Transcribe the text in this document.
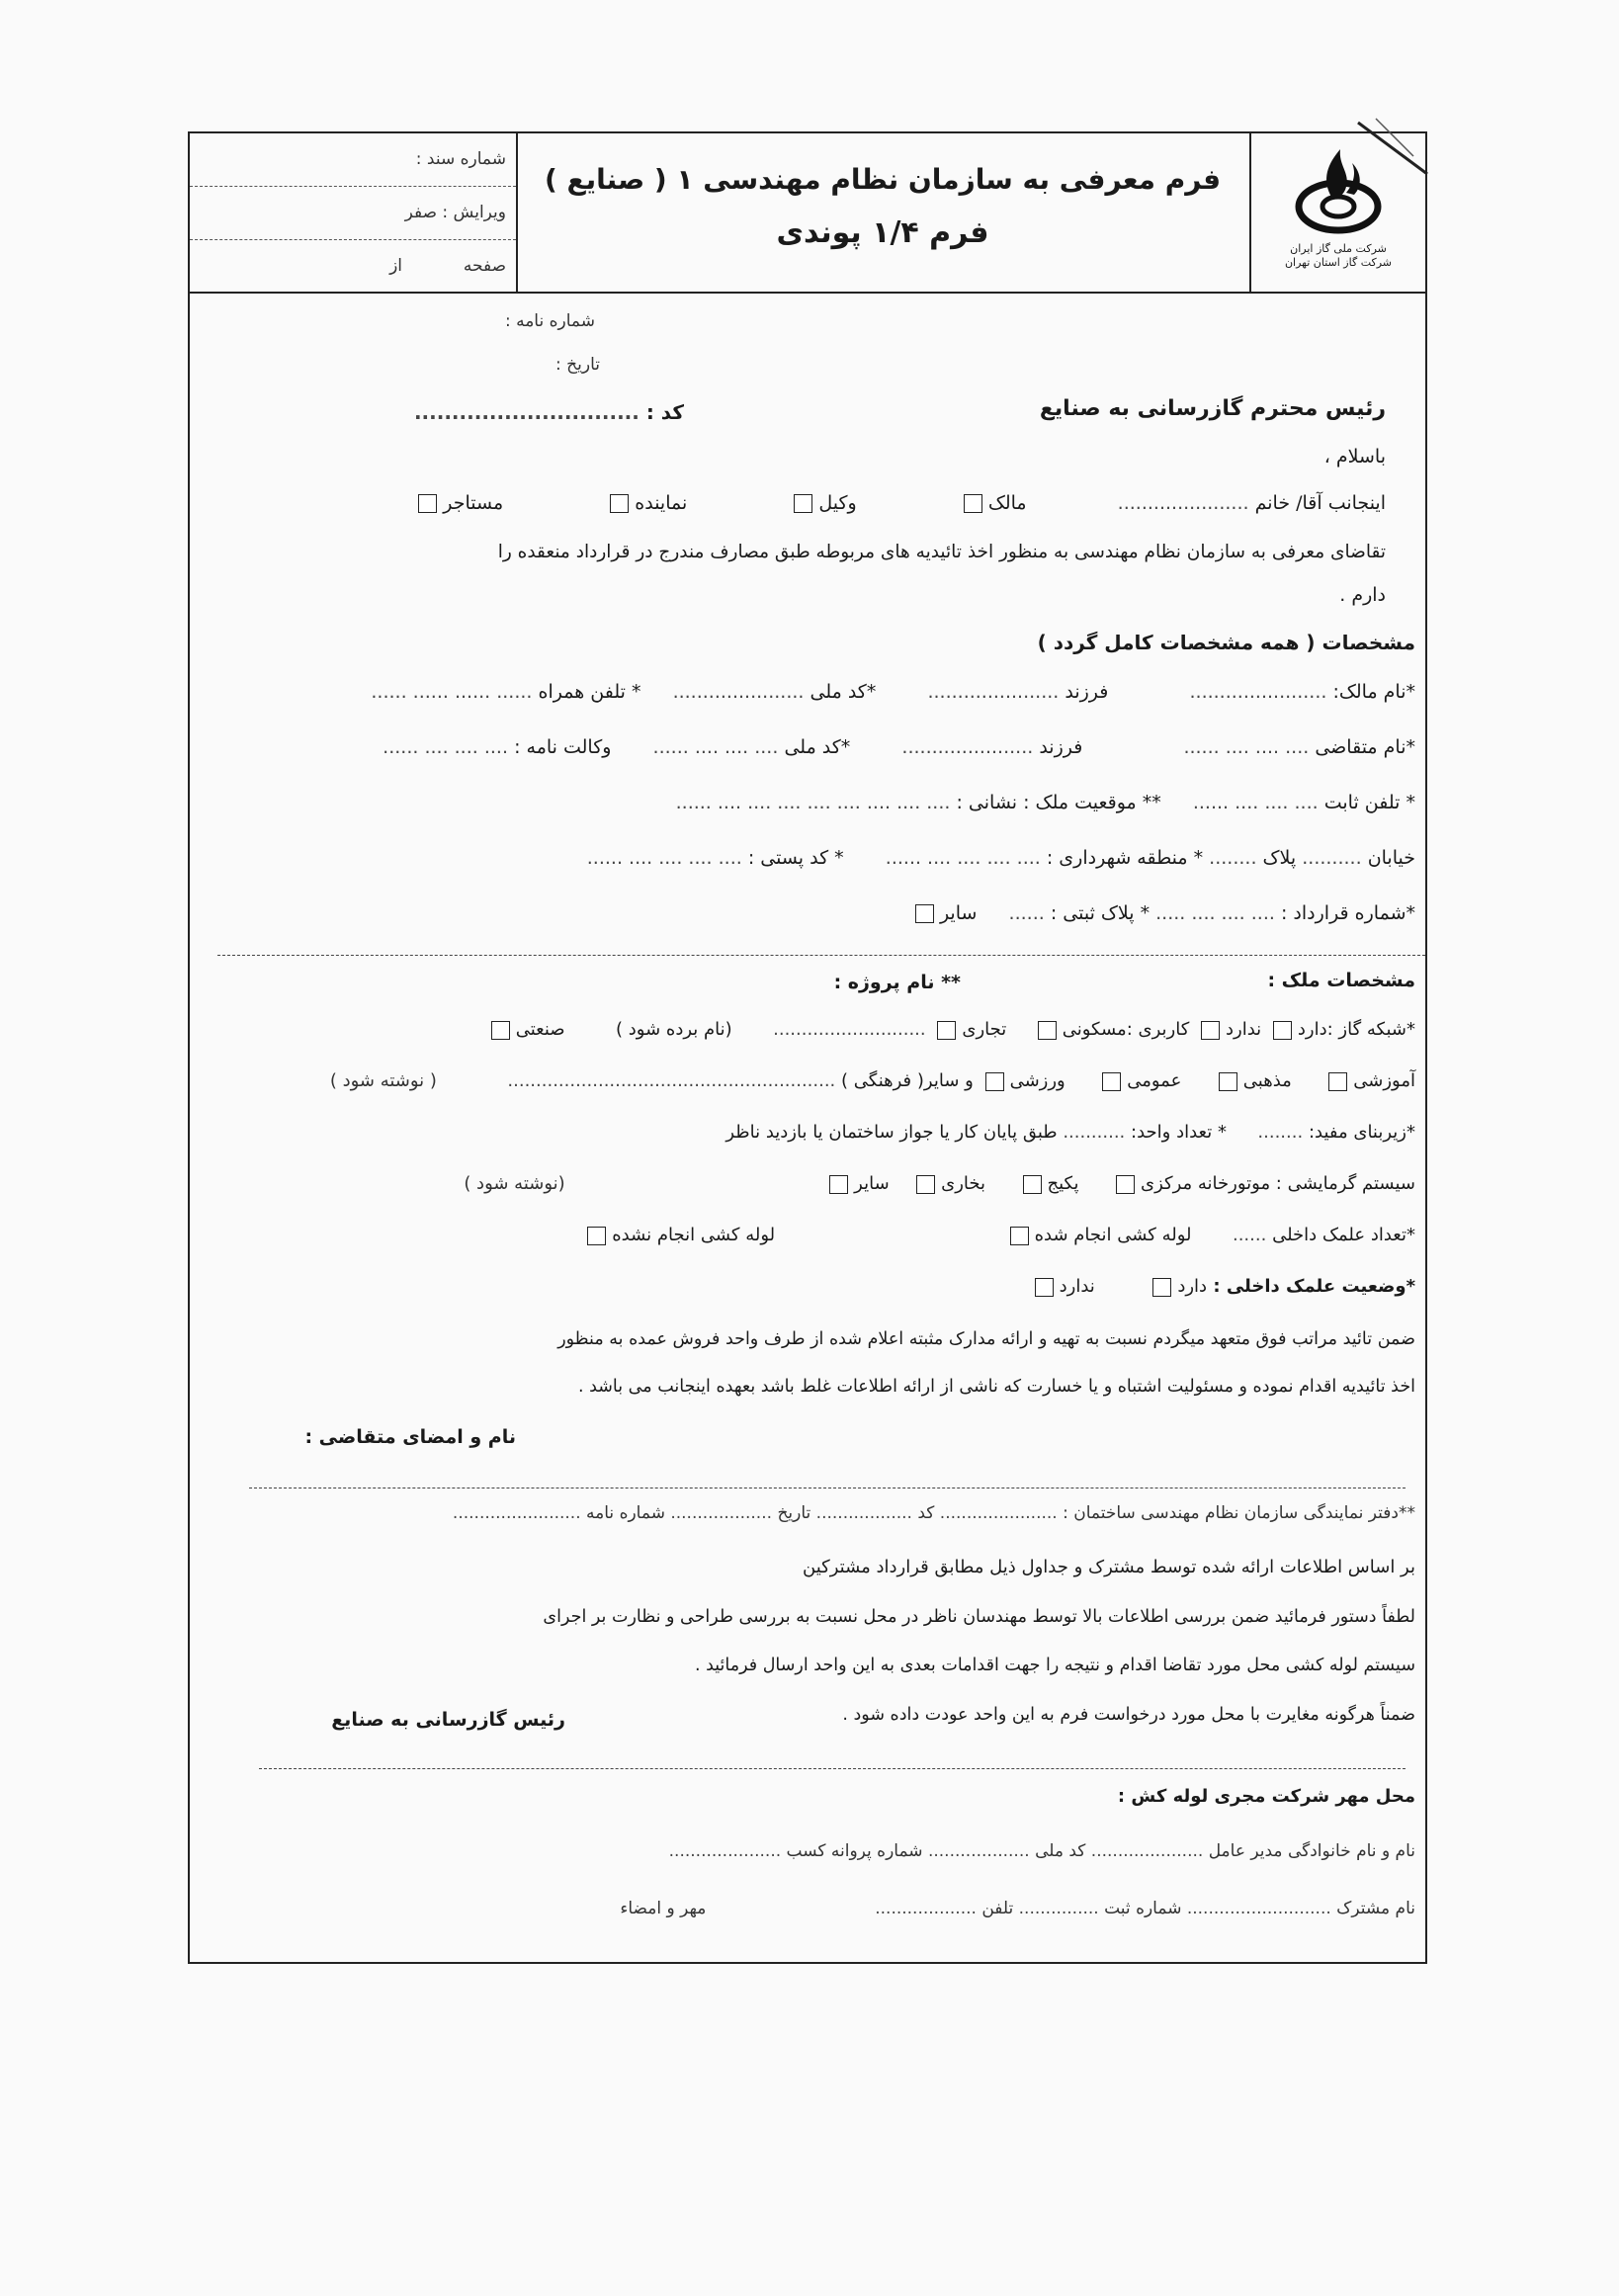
شماره سند :
ویرایش : صفر
صفحه
از
فرم معرفی به سازمان نظام مهندسی ۱ ( صنایع )
فرم ۱/۴ پوندی	شرکت ملی گاز ایران
شرکت گاز استان تهران
شماره نامه :
تاریخ :
رئیس محترم گازرسانی به صنایع
کد : ..............................
باسلام ،
اینجانب آقا/ خانم ......................  مالک  وکیل  نماینده  مستاجر
تقاضای معرفی به سازمان نظام مهندسی به منظور اخذ تائیدیه های مربوطه طبق مصارف مندرج در قرارداد منعقده را
دارم .
مشخصات ( همه مشخصات کامل گردد )
*نام مالک: .......................  فرزند ......................  *کد ملی ......................  * تلفن همراه ...... ...... ...... ......
*نام متقاضی .... .... .... ......  فرزند ......................  *کد ملی .... .... .... ......  وکالت نامه : .... .... .... ......
* تلفن ثابت .... .... .... ......  ** موقعیت ملک : نشانی : .... .... .... .... .... .... .... .... ......
خیابان .......... پلاک ........ * منطقه شهرداری : .... .... .... .... ......  * کد پستی : .... .... .... .... ......
*شماره قرارداد : .... .... .... ..... * پلاک ثبتی : ......  سایر
مشخصات ملک :
** نام پروژه :
*شبکه گاز :دارد ندارد کاربری :مسکونی  تجاری ...........................  (نام برده شود )  صنعتی
آموزشی  مذهبی  عمومی  ورزشی و سایر( فرهنگی ) ..........................................................  ( نوشته شود )
*زیربنای مفید: ........  * تعداد واحد: ........... طبق پایان کار یا جواز ساختمان یا بازدید ناظر
سیستم گرمایشی : موتورخانه مرکزی  پکیج  بخاری  سایر  (نوشته شود )
*تعداد علمک داخلی ......  لوله کشی انجام شده  لوله کشی انجام نشده
*وضعیت علمک داخلی : دارد  ندارد
ضمن تائید مراتب فوق متعهد میگردم نسبت به تهیه و ارائه مدارک مثبته اعلام شده از طرف واحد فروش عمده به منظور
اخذ تائیدیه اقدام نموده و مسئولیت اشتباه و یا خسارت که ناشی از ارائه اطلاعات غلط باشد بعهده اینجانب می باشد .
نام و امضای متقاضی :
**دفتر نمایندگی سازمان نظام مهندسی ساختمان : ...................... کد .................. تاریخ ................... شماره نامه ........................
بر اساس اطلاعات ارائه شده توسط مشترک و جداول ذیل مطابق قرارداد مشترکین
لطفاً دستور فرمائید ضمن بررسی اطلاعات بالا توسط مهندسان ناظر در محل نسبت به بررسی طراحی و نظارت بر اجرای
سیستم لوله کشی محل مورد تقاضا اقدام و نتیجه را جهت اقدامات بعدی به این واحد ارسال فرمائید .
ضمناً هرگونه مغایرت با محل مورد درخواست فرم به این واحد عودت داده شود .
رئیس گازرسانی به صنایع
محل مهر شرکت مجری لوله کش :
نام و نام خانوادگی مدیر عامل ..................... کد ملی ................... شماره پروانه کسب .....................
نام مشترک ........................... شماره ثبت ............... تلفن ...................  مهر و امضاء
